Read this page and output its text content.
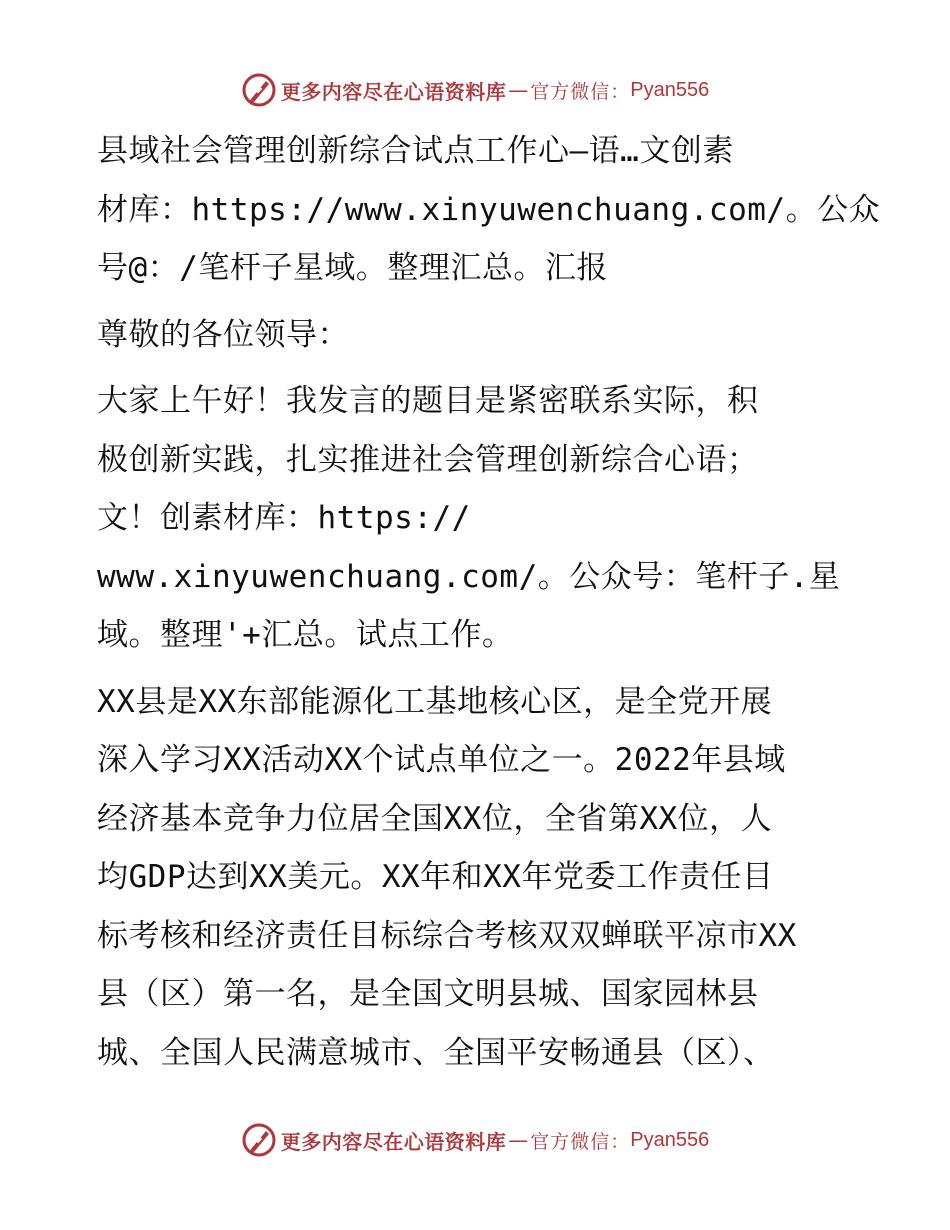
更多内容尽在心语资料库 — 官方微信： Pyan556
县域社会管理创新综合试点工作心—语…文创素
材库：https://www.xinyuwenchuang.com/。公众
号@：/笔杆子星域。整理汇总。汇报
尊敬的各位领导：
大家上午好！我发言的题目是紧密联系实际，积
极创新实践，扎实推进社会管理创新综合心语；
文！创素材库：https://
www.xinyuwenchuang.com/。公众号：笔杆子.星
域。整理'+汇总。试点工作。
XX县是XX东部能源化工基地核心区，是全党开展
深入学习XX活动XX个试点单位之一。2022年县域
经济基本竞争力位居全国XX位，全省第XX位，人
均GDP达到XX美元。XX年和XX年党委工作责任目
标考核和经济责任目标综合考核双双蝉联平凉市XX
县（区）第一名，是全国文明县城、国家园林县
城、全国人民满意城市、全国平安畅通县（区）、
更多内容尽在心语资料库 — 官方微信： Pyan556
